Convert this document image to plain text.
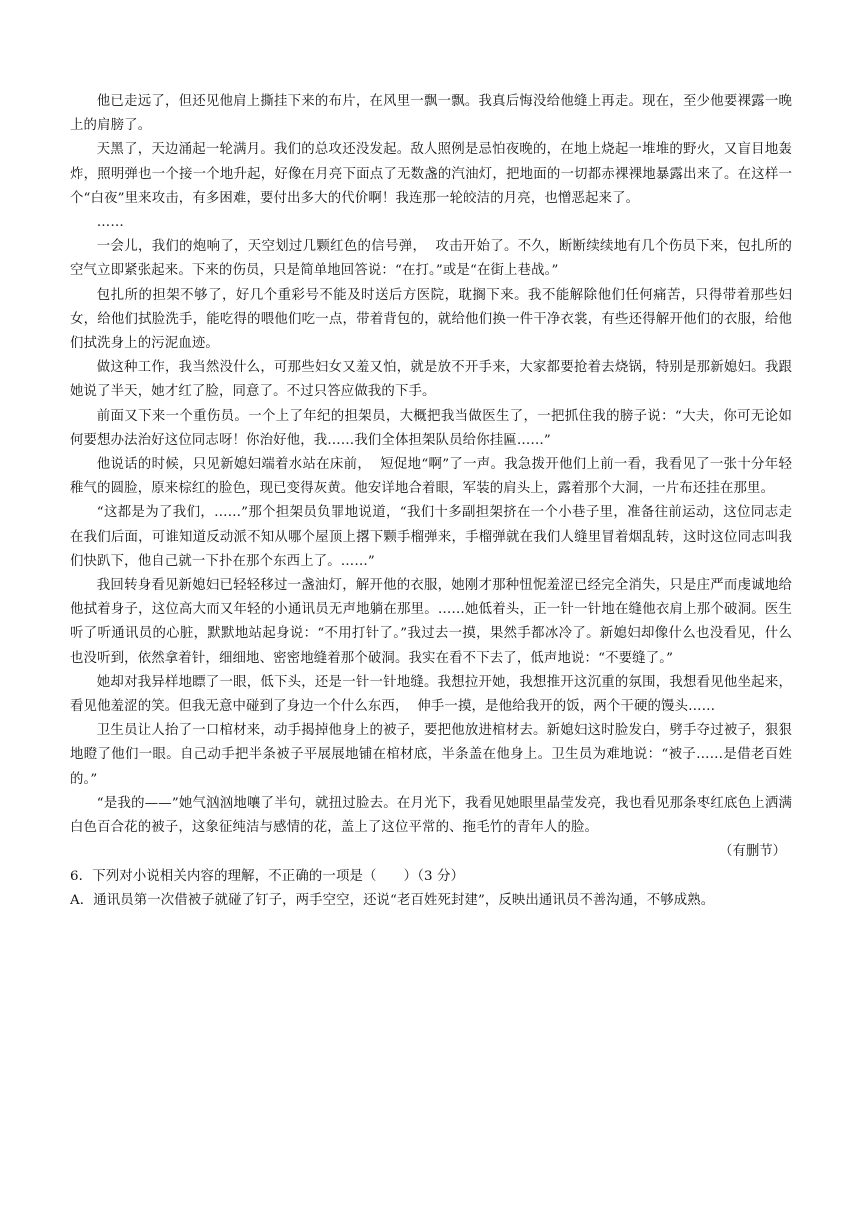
他已走远了，但还见他肩上撕挂下来的布片，在风里一飘一飘。我真后悔没给他缝上再走。现在，至少他要裸露一晚上的肩膀了。

天黑了，天边涌起一轮满月。我们的总攻还没发起。敌人照例是忌怕夜晚的，在地上烧起一堆堆的野火，又盲目地轰炸，照明弹也一个接一个地升起，好像在月亮下面点了无数盏的汽油灯，把地面的一切都赤裸裸地暴露出来了。在这样一个“白夜”里来攻击，有多困难，要付出多大的代价啊！我连那一轮皎洁的月亮，也憎恶起来了。

……

一会儿，我们的炮响了，天空划过几颗红色的信号弹，  攻击开始了。不久，断断续续地有几个伤员下来，包扎所的空气立即紧张起来。下来的伤员，只是简单地回答说：“在打。”或是“在街上巷战。”

包扎所的担架不够了，好几个重彩号不能及时送后方医院，耽搁下来。我不能解除他们任何痛苦，只得带着那些妇女，给他们拭脸洗手，能吃得的喂他们吃一点，带着背包的，就给他们换一件干净衣裳，有些还得解开他们的衣服，给他们拭洗身上的污泥血迹。

做这种工作，我当然没什么，可那些妇女又羞又怕，就是放不开手来，大家都要抢着去烧锅，特别是那新媳妇。我跟她说了半天，她才红了脸，同意了。不过只答应做我的下手。

前面又下来一个重伤员。一个上了年纪的担架员，大概把我当做医生了，一把抓住我的膀子说：“大夫，你可无论如何要想办法治好这位同志呀！你治好他，我……我们全体担架队员给你挂匾……”

他说话的时候，只见新媳妇端着水站在床前，  短促地“啊”了一声。我急拨开他们上前一看，我看见了一张十分年轻稚气的圆脸，原来棕红的脸色，现已变得灰黄。他安详地合着眼，军装的肩头上，露着那个大洞，一片布还挂在那里。

“这都是为了我们，……”那个担架员负罪地说道，“我们十多副担架挤在一个小巷子里，准备往前运动，这位同志走在我们后面，可谁知道反动派不知从哪个屋顶上撂下颗手榴弹来，手榴弹就在我们人缝里冒着烟乱转，这时这位同志叫我们快趴下，他自己就一下扑在那个东西上了。……”

我回转身看见新媳妇已轻轻移过一盏油灯，解开他的衣服，她刚才那种忸怩羞涩已经完全消失，只是庄严而虔诚地给他拭着身子，这位高大而又年轻的小通讯员无声地躺在那里。……她低着头，正一针一针地在缝他衣肩上那个破洞。医生听了听通讯员的心脏，默默地站起身说：“不用打针了。”我过去一摸，果然手都冰冷了。新媳妇却像什么也没看见，什么也没听到，依然拿着针，细细地、密密地缝着那个破洞。我实在看不下去了，低声地说：“不要缝了。”

她却对我异样地瞟了一眼，低下头，还是一针一针地缝。我想拉开她，我想推开这沉重的氛围，我想看见他坐起来，看见他羞涩的笑。但我无意中碰到了身边一个什么东西，  伸手一摸，是他给我开的饭，两个干硬的馒头……

卫生员让人抬了一口棺材来，动手揭掉他身上的被子，要把他放进棺材去。新媳妇这时脸发白，劈手夺过被子，狠狠地瞪了他们一眼。自己动手把半条被子平展展地铺在棺材底，半条盖在他身上。卫生员为难地说：“被子……是借老百姓的。”

“是我的——”她气汹汹地嚷了半句，就扭过脸去。在月光下，我看见她眼里晶莹发亮，我也看见那条枣红底色上洒满白色百合花的被子，这象征纯洁与感情的花，盖上了这位平常的、拖毛竹的青年人的脸。

（有删节）

6．下列对小说相关内容的理解，不正确的一项是（　　）（3 分）

A．通讯员第一次借被子就碰了钉子，两手空空，还说“老百姓死封建”，反映出通讯员不善沟通，不够成熟。
